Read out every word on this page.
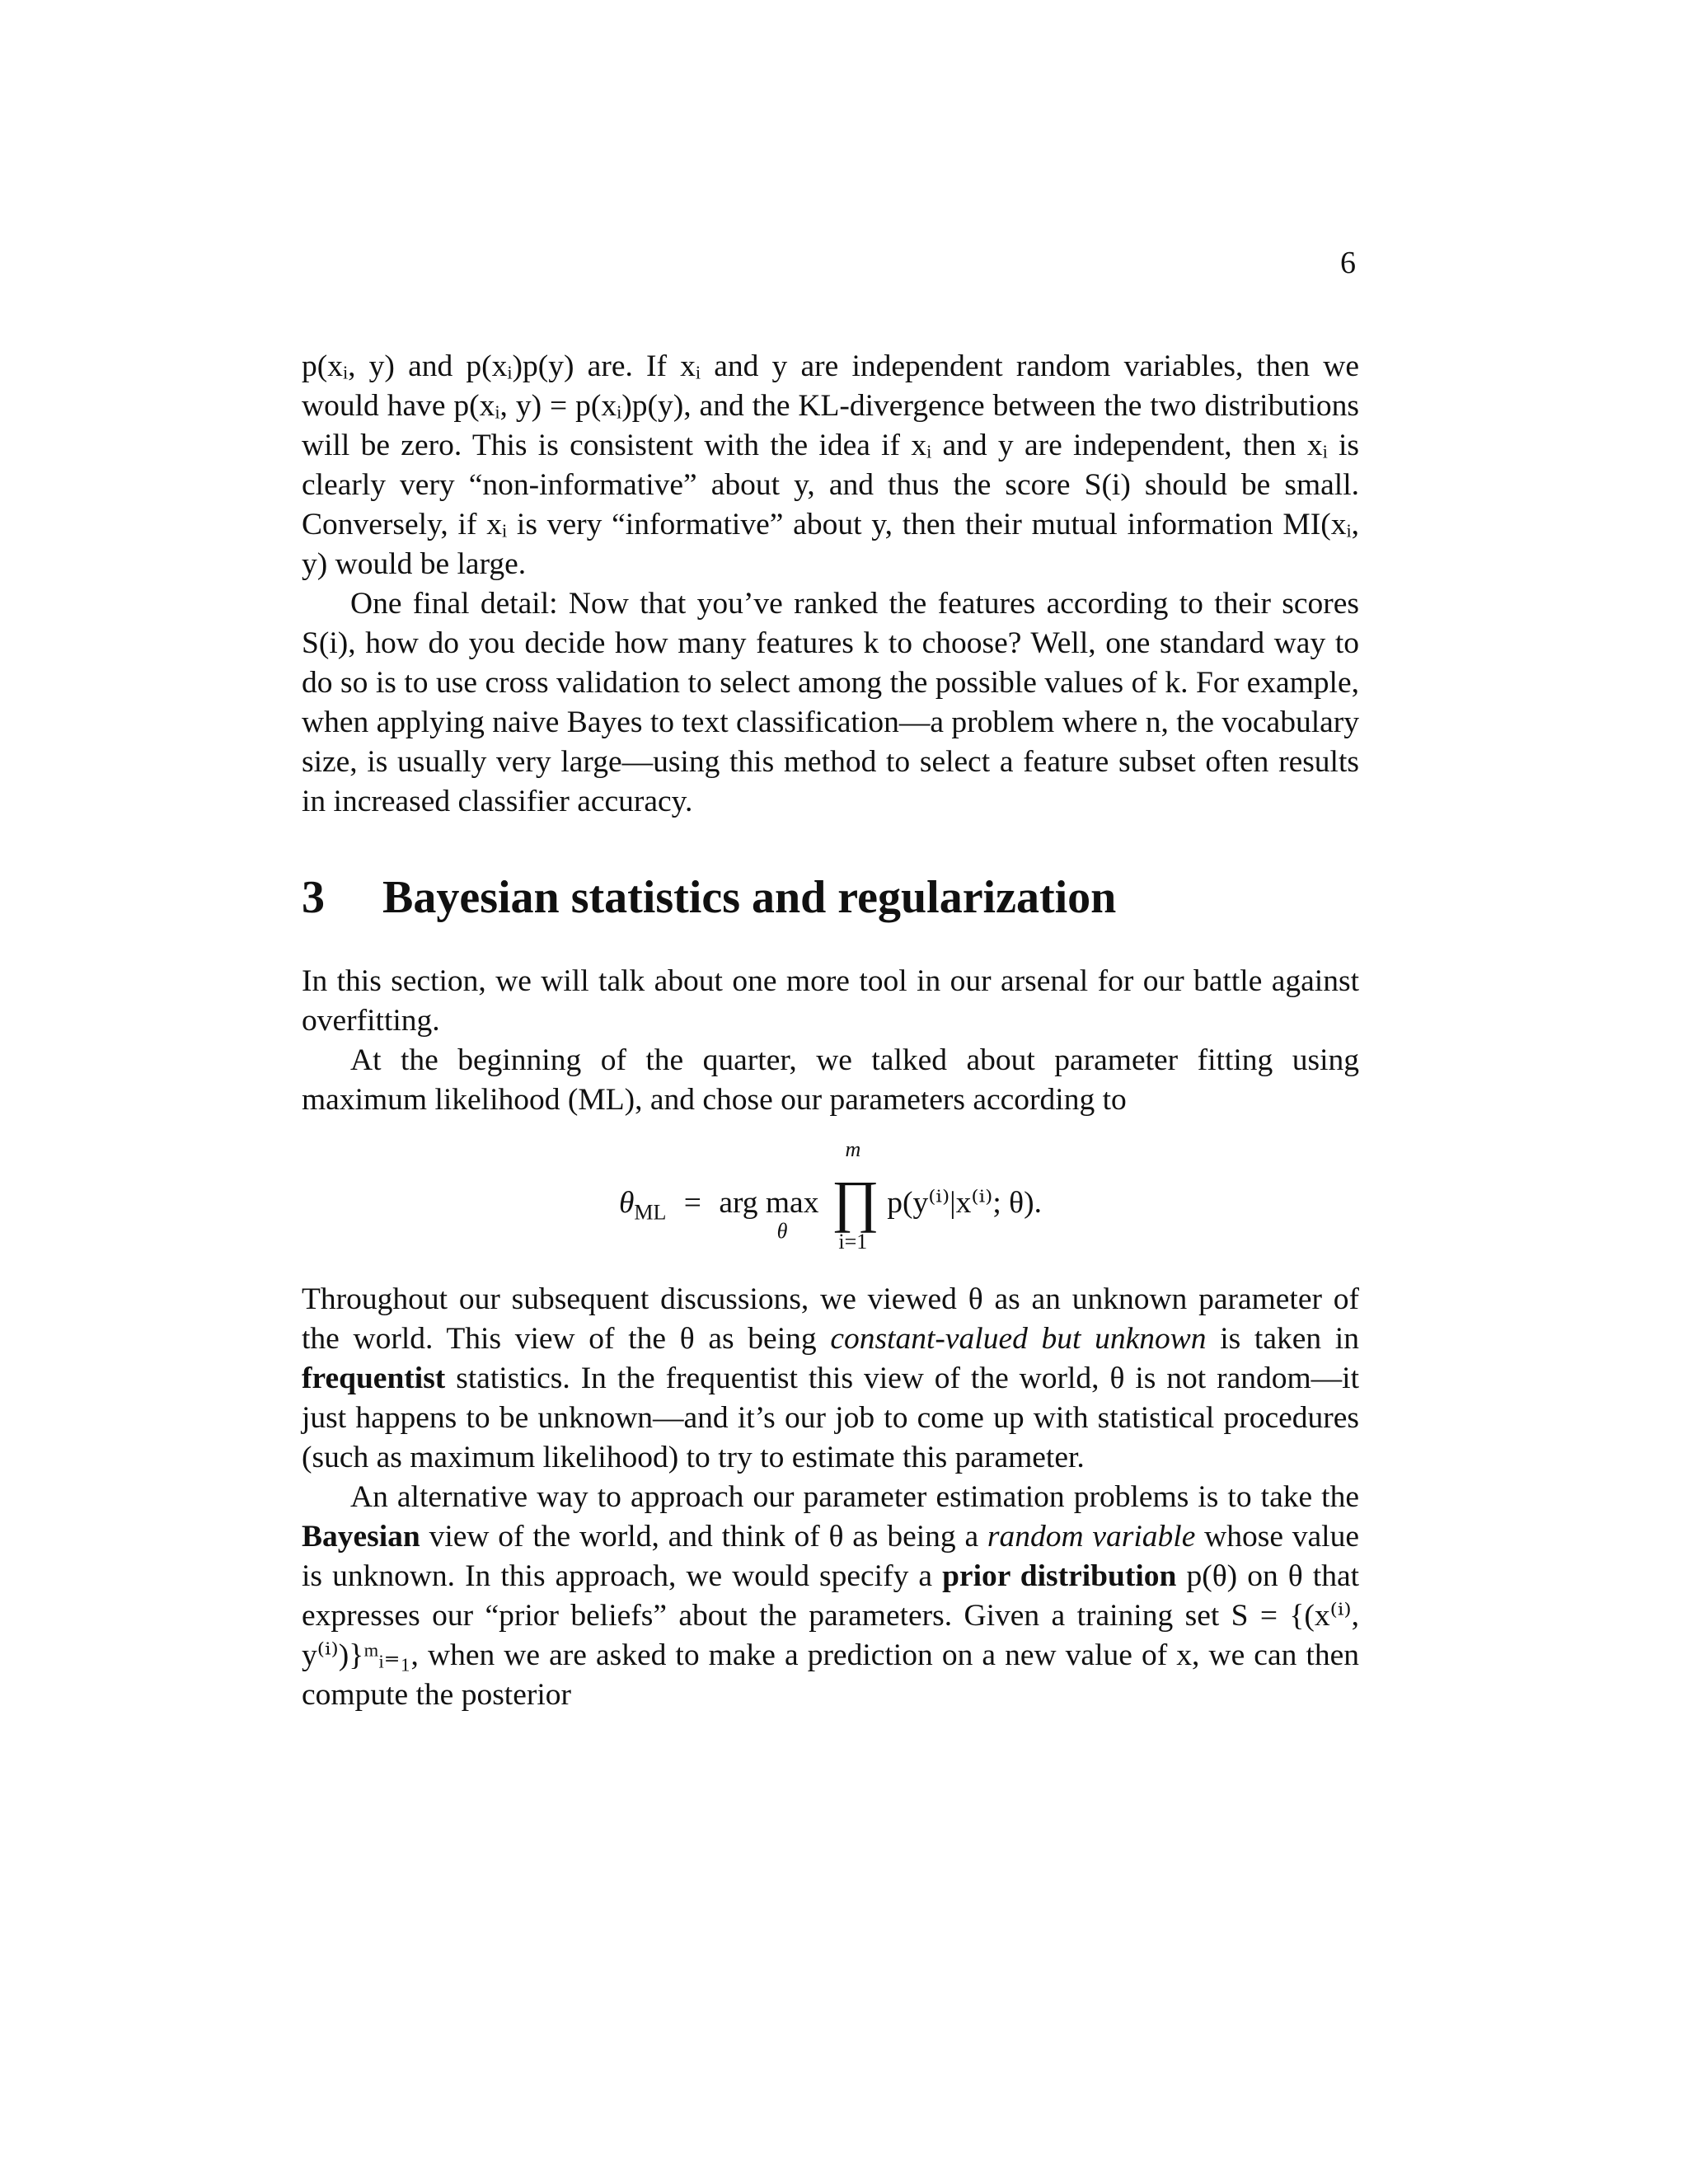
6

p(xᵢ, y) and p(xᵢ)p(y) are. If xᵢ and y are independent random variables, then we would have p(xᵢ, y) = p(xᵢ)p(y), and the KL-divergence between the two distributions will be zero. This is consistent with the idea if xᵢ and y are independent, then xᵢ is clearly very “non-informative” about y, and thus the score S(i) should be small. Conversely, if xᵢ is very “informative” about y, then their mutual information MI(xᵢ, y) would be large.

One final detail: Now that you’ve ranked the features according to their scores S(i), how do you decide how many features k to choose? Well, one standard way to do so is to use cross validation to select among the possible values of k. For example, when applying naive Bayes to text classification—a problem where n, the vocabulary size, is usually very large—using this method to select a feature subset often results in increased classifier accuracy.

3	Bayesian statistics and regularization

In this section, we will talk about one more tool in our arsenal for our battle against overfitting.

At the beginning of the quarter, we talked about parameter fitting using maximum likelihood (ML), and chose our parameters according to

$\theta_{ML}$ = arg max
θ

m
∏
i=1
p(y⁽ⁱ⁾|x⁽ⁱ⁾; θ).

Throughout our subsequent discussions, we viewed θ as an unknown parameter of the world. This view of the θ as being constant-valued but unknown is taken in frequentist statistics. In the frequentist this view of the world, θ is not random—it just happens to be unknown—and it’s our job to come up with statistical procedures (such as maximum likelihood) to try to estimate this parameter.

An alternative way to approach our parameter estimation problems is to take the Bayesian view of the world, and think of θ as being a random variable whose value is unknown. In this approach, we would specify a prior distribution p(θ) on θ that expresses our “prior beliefs” about the parameters. Given a training set S = {(x⁽ⁱ⁾, y⁽ⁱ⁾)}ᵐᵢ₌₁, when we are asked to make a prediction on a new value of x, we can then compute the posterior
